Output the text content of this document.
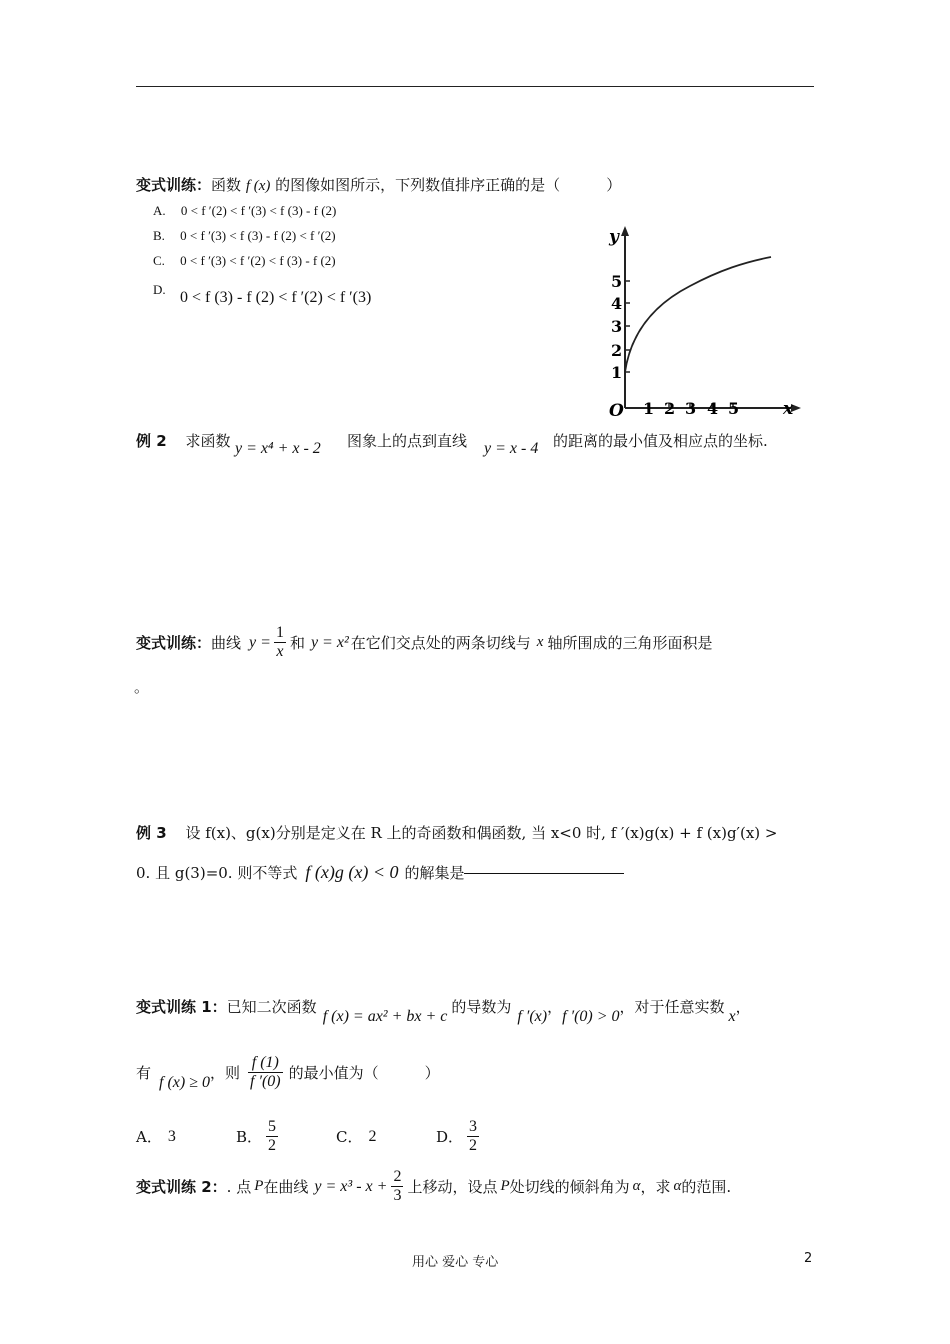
变式训练：函数 f (x) 的图像如图所示，下列数值排序正确的是（	）
A. 0 < f ′(2) < f ′(3) < f (3) - f (2)
B. 0 < f ′(3) < f (3) - f (2) < f ′(2)
C. 0 < f ′(3) < f ′(2) < f (3) - f (2)
D. 0 < f (3) - f (2) < f ′(2) < f ′(3)
y
x
O
1
2
3
4
5
1 2 3 4 5
例 2 求函数 y = x⁴ + x - 2 图象上的点到直线 y = x - 4 的距离的最小值及相应点的坐标.
变式训练： 曲线 $y = \frac{1}{x}$ 和 y = x² 在它们交点处的两条切线与 x 轴所围成的三角形面积是
。
例 3 设 f(x)、g(x)分别是定义在 R 上的奇函数和偶函数, 当 x<0 时, f ′(x)g(x) + f (x)g′(x) >
0. 且 g(3)=0. 则不等式 f (x)g (x) < 0 的解集是
变式训练 1： 已知二次函数 f (x) = ax² + bx + c 的导数为 f ′(x) ， f ′(0) > 0 ，对于任意实数 x ，
有 f (x) ≥ 0 ，则 $\frac{f (1)}{f '(0)}$ 的最小值为（	）
A． 3	B． $\frac{5}{2}$	C． 2	D． $\frac{3}{2}$
变式训练 2： . 点 P 在曲线 $y = x^3 - x + \frac{2}{3}$ 上移动，设点 P 处切线的倾斜角为 α ，求 α 的范围.
用心 爱心 专心	2
